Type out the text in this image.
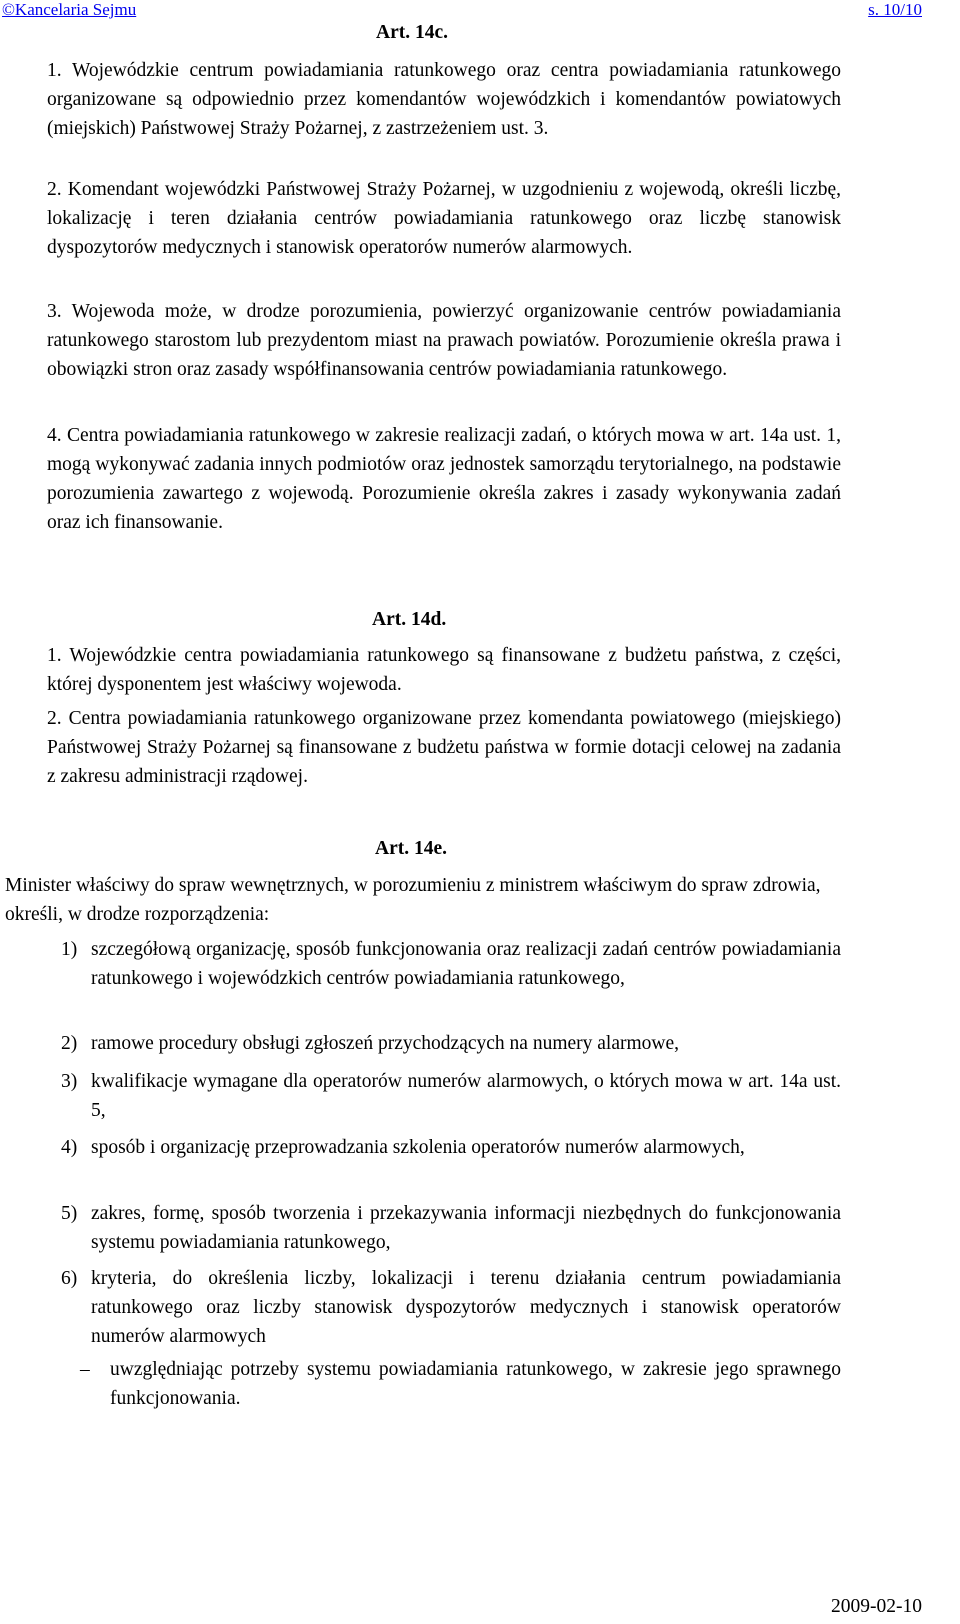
©Kancelaria Sejmu	s. 10/10
Art. 14c.

1. Wojewódzkie centrum powiadamiania ratunkowego oraz centra powiadamiania ratunkowego organizowane są odpowiednio przez komendantów wojewódzkich i komendantów powiatowych (miejskich) Państwowej Straży Pożarnej, z zastrzeżeniem ust. 3.

2. Komendant wojewódzki Państwowej Straży Pożarnej, w uzgodnieniu z wojewodą, określi liczbę, lokalizację i teren działania centrów powiadamiania ratunkowego oraz liczbę stanowisk dyspozytorów medycznych i stanowisk operatorów numerów alarmowych.

3. Wojewoda może, w drodze porozumienia, powierzyć organizowanie centrów powiadamiania ratunkowego starostom lub prezydentom miast na prawach powiatów. Porozumienie określa prawa i obowiązki stron oraz zasady współfinansowania centrów powiadamiania ratunkowego.

4. Centra powiadamiania ratunkowego w zakresie realizacji zadań, o których mowa w art. 14a ust. 1, mogą wykonywać zadania innych podmiotów oraz jednostek samorządu terytorialnego, na podstawie porozumienia zawartego z wojewodą. Porozumienie określa zakres i zasady wykonywania zadań oraz ich finansowanie.

Art. 14d.

1. Wojewódzkie centra powiadamiania ratunkowego są finansowane z budżetu państwa, z części, której dysponentem jest właściwy wojewoda.

2. Centra powiadamiania ratunkowego organizowane przez komendanta powiatowego (miejskiego) Państwowej Straży Pożarnej są finansowane z budżetu państwa w formie dotacji celowej na zadania z zakresu administracji rządowej.

Art. 14e.

Minister właściwy do spraw wewnętrznych, w porozumieniu z ministrem właściwym do spraw zdrowia, określi, w drodze rozporządzenia:

1) szczegółową organizację, sposób funkcjonowania oraz realizacji zadań centrów powiadamiania ratunkowego i wojewódzkich centrów powiadamiania ratunkowego,
2) ramowe procedury obsługi zgłoszeń przychodzących na numery alarmowe,
3) kwalifikacje wymagane dla operatorów numerów alarmowych, o których mowa w art. 14a ust. 5,
4) sposób i organizację przeprowadzania szkolenia operatorów numerów alarmowych,
5) zakres, formę, sposób tworzenia i przekazywania informacji niezbędnych do funkcjonowania systemu powiadamiania ratunkowego,
6) kryteria, do określenia liczby, lokalizacji i terenu działania centrum powiadamiania ratunkowego oraz liczby stanowisk dyspozytorów medycznych i stanowisk operatorów numerów alarmowych
– uwzględniając potrzeby systemu powiadamiania ratunkowego, w zakresie jego sprawnego funkcjonowania.
2009-02-10
